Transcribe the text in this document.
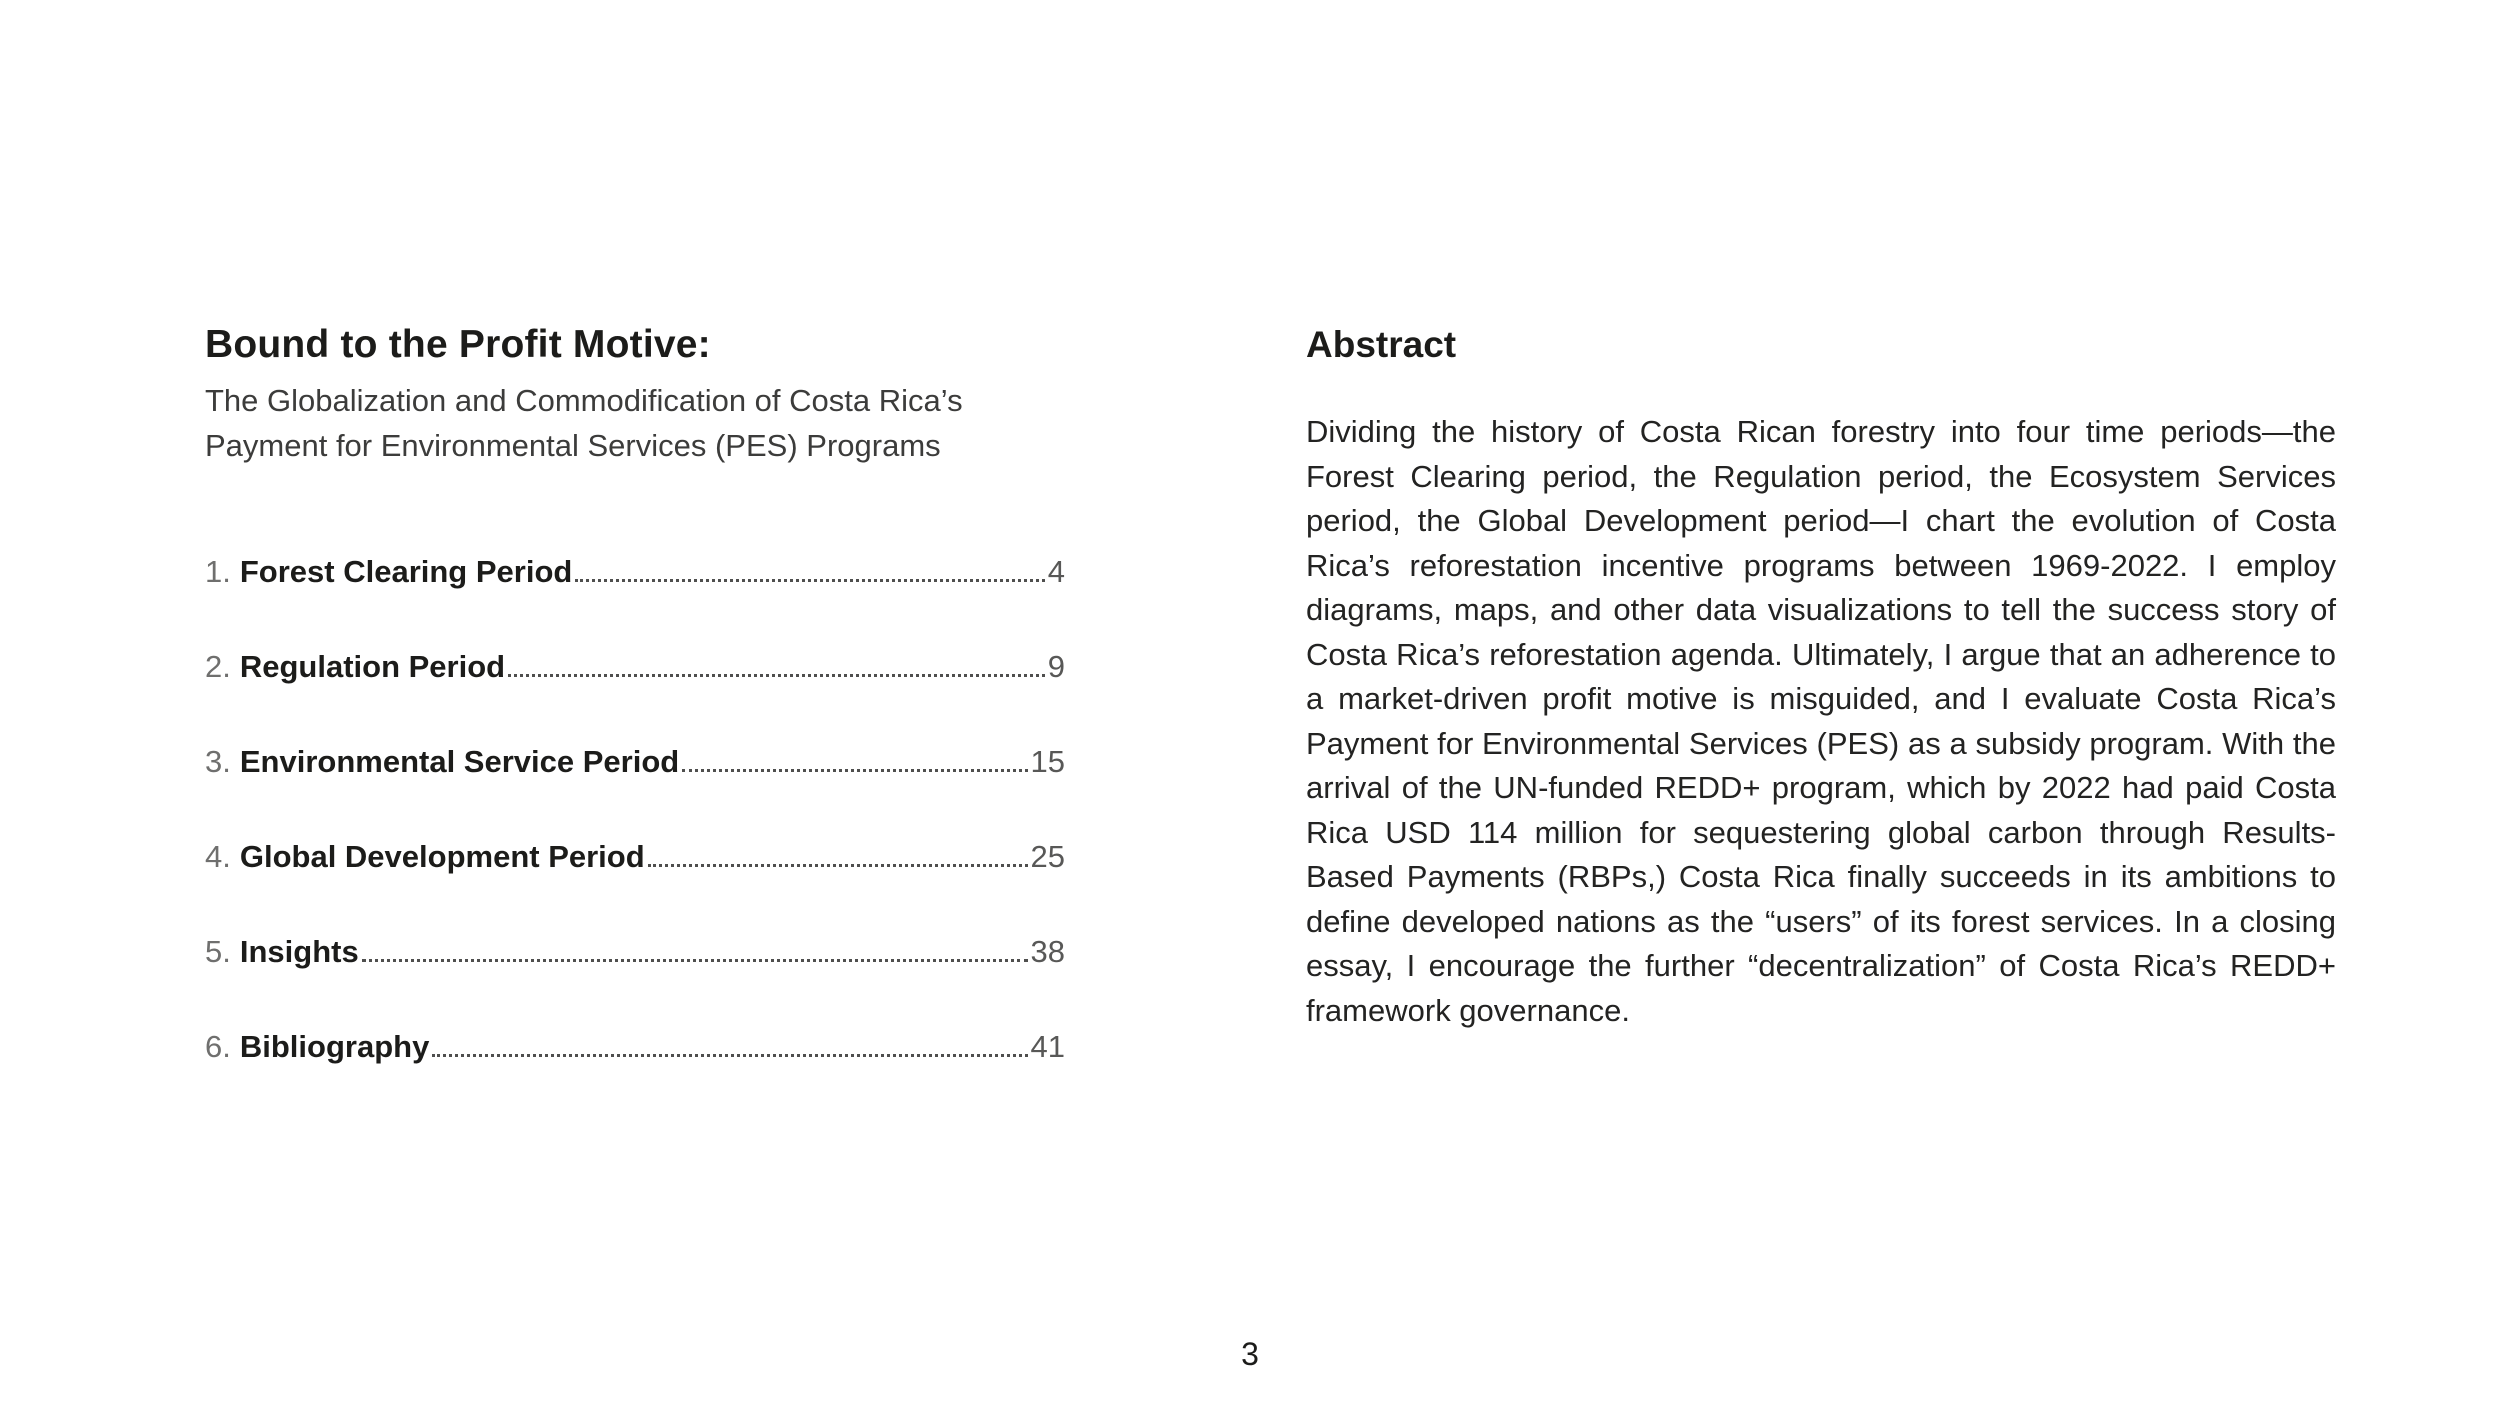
Bound to the Profit Motive:
The Globalization and Commodification of Costa Rica’s Payment for Environmental Services (PES) Programs
1. Forest Clearing Period	4
2. Regulation Period	9
3. Environmental Service Period	15
4. Global Development Period	25
5. Insights	38
6. Bibliography	41
Abstract

Dividing the history of Costa Rican forestry into four time periods—the Forest Clearing period, the Regulation period, the Ecosystem Services period, the Global Development period—I chart the evolution of Costa Rica’s reforestation incentive programs between 1969-2022. I employ diagrams, maps, and other data visualizations to tell the success story of Costa Rica’s reforestation agenda. Ultimately, I argue that an adherence to a market-driven profit motive is misguided, and I evaluate Costa Rica’s Payment for Environmental Services (PES) as a subsidy program. With the arrival of the UN-funded REDD+ program, which by 2022 had paid Costa Rica USD 114 million for sequestering global carbon through Results-Based Payments (RBPs,) Costa Rica finally succeeds in its ambitions to define developed nations as the “users” of its forest services. In a closing essay, I encourage the further “decentralization” of Costa Rica’s REDD+ framework governance.

3
